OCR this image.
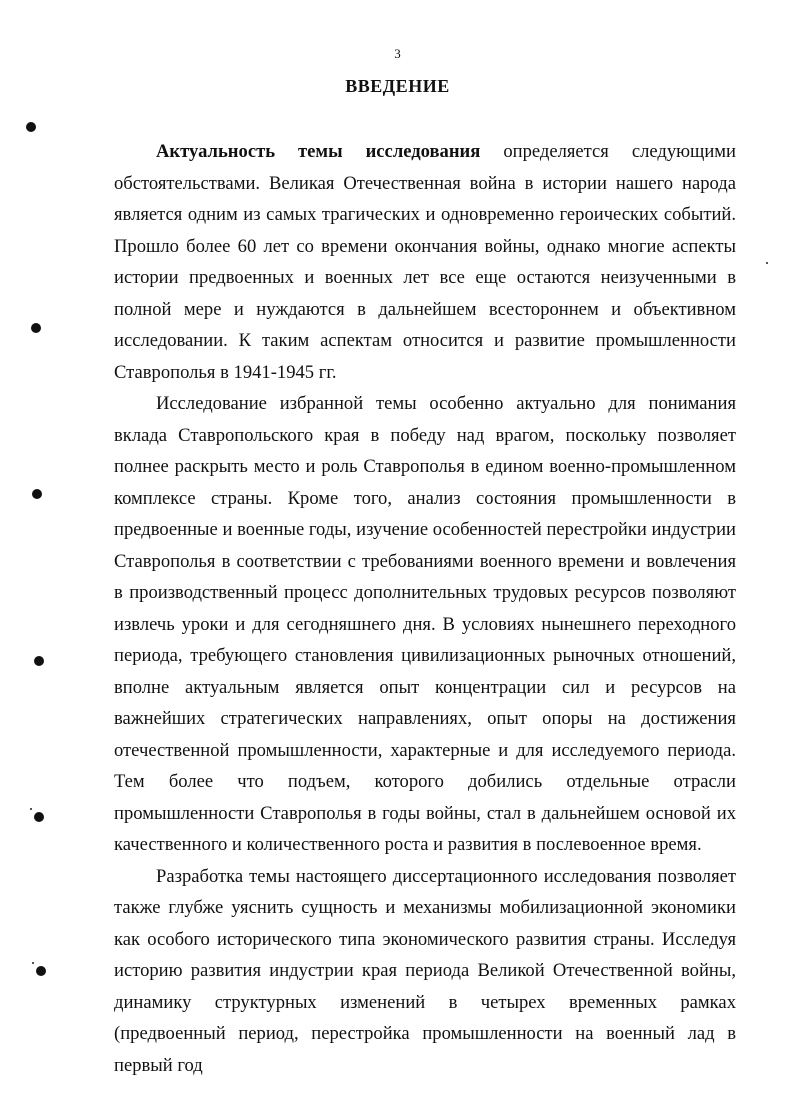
3
ВВЕДЕНИЕ

Актуальность темы исследования определяется следующими обстоятельствами. Великая Отечественная война в истории нашего народа является одним из самых трагических и одновременно героических событий. Прошло более 60 лет со времени окончания войны, однако многие аспекты истории предвоенных и военных лет все еще остаются неизученными в полной мере и нуждаются в дальнейшем всестороннем и объективном исследовании. К таким аспектам относится и развитие промышленности Ставрополья в 1941-1945 гг.

Исследование избранной темы особенно актуально для понимания вклада Ставропольского края в победу над врагом, поскольку позволяет полнее раскрыть место и роль Ставрополья в едином военно-промышленном комплексе страны. Кроме того, анализ состояния промышленности в предвоенные и военные годы, изучение особенностей перестройки индустрии Ставрополья в соответствии с требованиями военного времени и вовлечения в производственный процесс дополнительных трудовых ресурсов позволяют извлечь уроки и для сегодняшнего дня. В условиях нынешнего переходного периода, требующего становления цивилизационных рыночных отношений, вполне актуальным является опыт концентрации сил и ресурсов на важнейших стратегических направлениях, опыт опоры на достижения отечественной промышленности, характерные и для исследуемого периода. Тем более что подъем, которого добились отдельные отрасли промышленности Ставрополья в годы войны, стал в дальнейшем основой их качественного и количественного роста и развития в послевоенное время.

Разработка темы настоящего диссертационного исследования позволяет также глубже уяснить сущность и механизмы мобилизационной экономики как особого исторического типа экономического развития страны. Исследуя историю развития индустрии края периода Великой Отечественной войны, динамику структурных изменений в четырех временных рамках (предвоенный период, перестройка промышленности на военный лад в первый год
